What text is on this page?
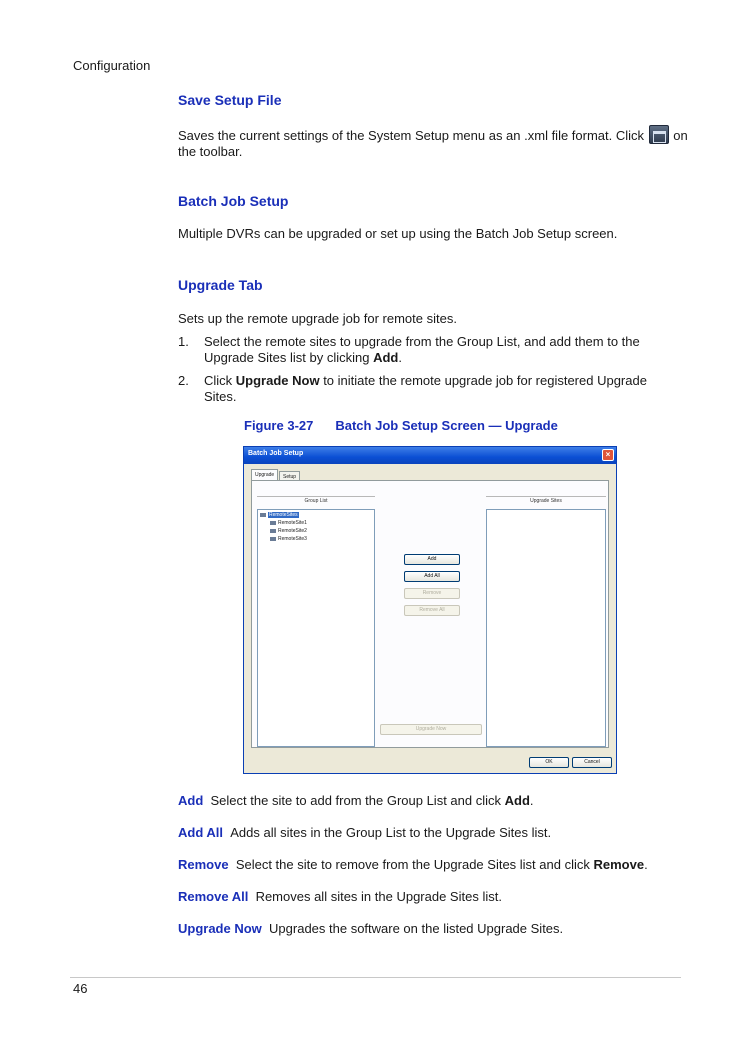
Configuration
Save Setup File
Saves the current settings of the System Setup menu as an .xml file format. Click on
the toolbar.
Batch Job Setup
Multiple DVRs can be upgraded or set up using the Batch Job Setup screen.
Upgrade Tab
Sets up the remote upgrade job for remote sites.
1. Select the remote sites to upgrade from the Group List, and add them to the
Upgrade Sites list by clicking Add.
2. Click Upgrade Now to initiate the remote upgrade job for registered Upgrade
Sites.
Figure 3-27 Batch Job Setup Screen — Upgrade
Batch Job Setup	×
Upgrade	Setup
Group List
RemoteSites
RemoteSite1
RemoteSite2
RemoteSite3
Upgrade Sites
Add
Add All
Remove
Remove All
Upgrade Now
OK	Cancel
Add Select the site to add from the Group List and click Add.
Add All Adds all sites in the Group List to the Upgrade Sites list.
Remove Select the site to remove from the Upgrade Sites list and click Remove.
Remove All Removes all sites in the Upgrade Sites list.
Upgrade Now Upgrades the software on the listed Upgrade Sites.
46
